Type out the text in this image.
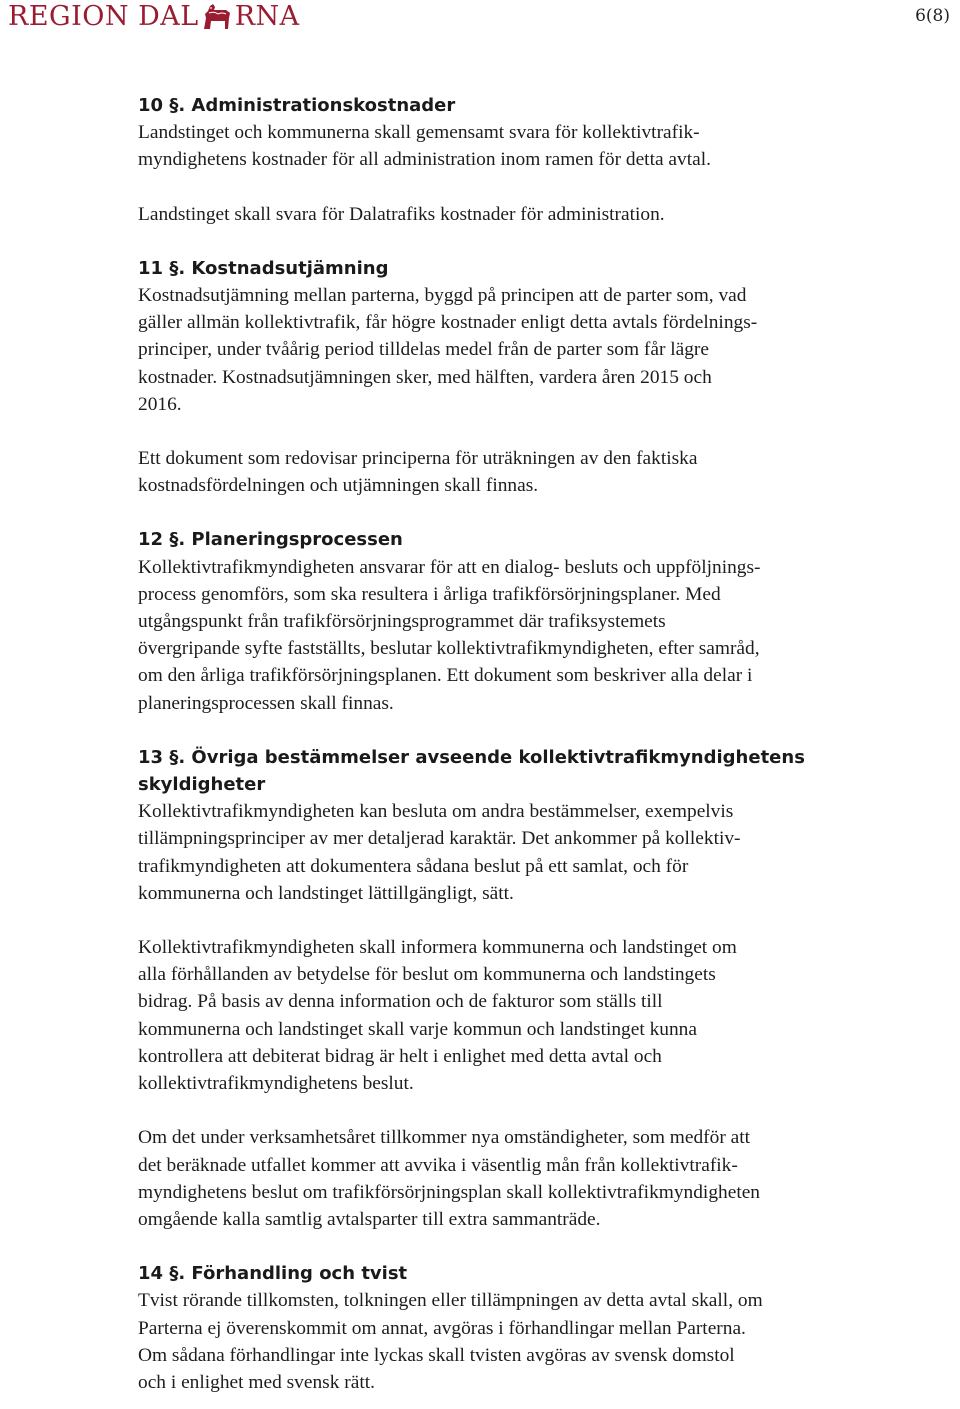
REGION DAL RNA	6(8)
10 §. Administrationskostnader

Landstinget och kommunerna skall gemensamt svara för kollektivtrafik-
myndighetens kostnader för all administration inom ramen för detta avtal.

Landstinget skall svara för Dalatrafiks kostnader för administration.

11 §. Kostnadsutjämning

Kostnadsutjämning mellan parterna, byggd på principen att de parter som, vad
gäller allmän kollektivtrafik, får högre kostnader enligt detta avtals fördelnings-
principer, under tvåårig period tilldelas medel från de parter som får lägre
kostnader. Kostnadsutjämningen sker, med hälften, vardera åren 2015 och
2016.

Ett dokument som redovisar principerna för uträkningen av den faktiska
kostnadsfördelningen och utjämningen skall finnas.

12 §. Planeringsprocessen

Kollektivtrafikmyndigheten ansvarar för att en dialog- besluts och uppföljnings-
process genomförs, som ska resultera i årliga trafikförsörjningsplaner. Med
utgångspunkt från trafikförsörjningsprogrammet där trafiksystemets
övergripande syfte fastställts, beslutar kollektivtrafikmyndigheten, efter samråd,
om den årliga trafikförsörjningsplanen. Ett dokument som beskriver alla delar i
planeringsprocessen skall finnas.

13 §. Övriga bestämmelser avseende kollektivtrafikmyndighetens
skyldigheter

Kollektivtrafikmyndigheten kan besluta om andra bestämmelser, exempelvis
tillämpningsprinciper av mer detaljerad karaktär. Det ankommer på kollektiv-
trafikmyndigheten att dokumentera sådana beslut på ett samlat, och för
kommunerna och landstinget lättillgängligt, sätt.

Kollektivtrafikmyndigheten skall informera kommunerna och landstinget om
alla förhållanden av betydelse för beslut om kommunerna och landstingets
bidrag. På basis av denna information och de fakturor som ställs till
kommunerna och landstinget skall varje kommun och landstinget kunna
kontrollera att debiterat bidrag är helt i enlighet med detta avtal och
kollektivtrafikmyndighetens beslut.

Om det under verksamhetsåret tillkommer nya omständigheter, som medför att
det beräknade utfallet kommer att avvika i väsentlig mån från kollektivtrafik-
myndighetens beslut om trafikförsörjningsplan skall kollektivtrafikmyndigheten
omgående kalla samtlig avtalsparter till extra sammanträde.

14 §. Förhandling och tvist

Tvist rörande tillkomsten, tolkningen eller tillämpningen av detta avtal skall, om
Parterna ej överenskommit om annat, avgöras i förhandlingar mellan Parterna.
Om sådana förhandlingar inte lyckas skall tvisten avgöras av svensk domstol
och i enlighet med svensk rätt.
